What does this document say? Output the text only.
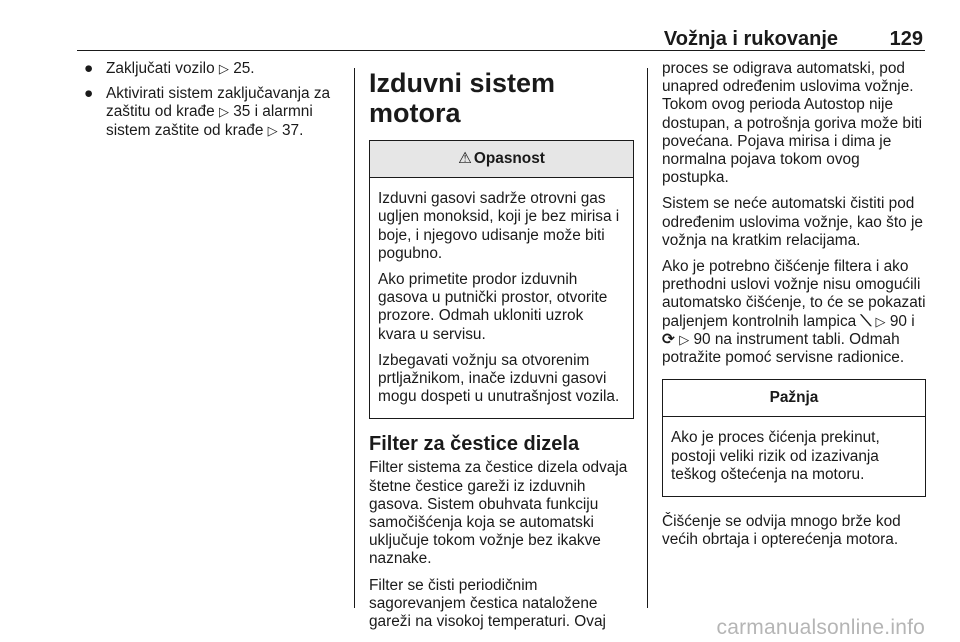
Vožnja i rukovanje	129
● Zaključati vozilo ▷ 25.
● Aktivirati sistem zaključavanja za zaštitu od krađe ▷ 35 i alarmni sistem zaštite od krađe ▷ 37.
Izduvni sistem motora
⚠ Opasnost

Izduvni gasovi sadrže otrovni gas ugljen monoksid, koji je bez mirisa i boje, i njegovo udisanje može biti pogubno.

Ako primetite prodor izduvnih gasova u putnički prostor, otvorite prozore. Odmah ukloniti uzrok kvara u servisu.

Izbegavati vožnju sa otvorenim prtljažnikom, inače izduvni gasovi mogu dospeti u unutrašnjost vozila.

Filter za čestice dizela

Filter sistema za čestice dizela odvaja štetne čestice gareži iz izduvnih gasova. Sistem obuhvata funkciju samočišćenja koja se automatski uključuje tokom vožnje bez ikakve naznake.

Filter se čisti periodičnim sagorevanjem čestica nataložene gareži na visokoj temperaturi. Ovaj

proces se odigrava automatski, pod unapred određenim uslovima vožnje. Tokom ovog perioda Autostop nije dostupan, a potrošnja goriva može biti povećana. Pojava mirisa i dima je normalna pojava tokom ovog postupka.

Sistem se neće automatski čistiti pod određenim uslovima vožnje, kao što je vožnja na kratkim relacijama.

Ako je potrebno čišćenje filtera i ako prethodni uslovi vožnje nisu omogućili automatsko čišćenje, to će se pokazati paljenjem kontrolnih lampica ⟍ ▷ 90 i ⟳ ▷ 90 na instrument tabli. Odmah potražite pomoć servisne radionice.

Pažnja

Ako je proces čićenja prekinut, postoji veliki rizik od izazivanja teškog oštećenja na motoru.

Čišćenje se odvija mnogo brže kod većih obrtaja i opterećenja motora.

carmanualsonline.info
